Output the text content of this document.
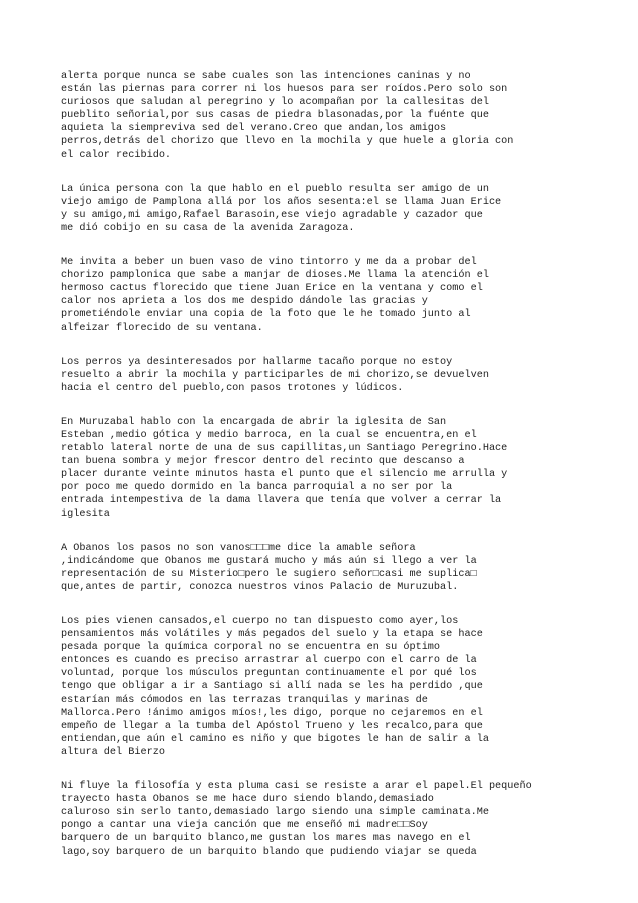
alerta porque nunca se sabe cuales son las intenciones caninas y no
están las piernas para correr ni los huesos para ser roídos.Pero solo son
curiosos que saludan al peregrino y lo acompañan por la callesitas del
pueblito señorial,por sus casas de piedra blasonadas,por la fuénte que
aquieta la siempreviva sed del verano.Creo que andan,los amigos
perros,detrás del chorizo que llevo en la mochila y que huele a gloria con
el calor recibido.
La única persona con la que hablo en el pueblo resulta ser amigo de un
viejo amigo de Pamplona allá por los años sesenta:el se llama Juan Erice
y su amigo,mi amigo,Rafael Barasoin,ese viejo agradable y cazador que
me dió cobijo en su casa de la avenida Zaragoza.
Me invita a beber un buen vaso de vino tintorro y me da a probar del
chorizo pamplonica que sabe a manjar de dioses.Me llama la atención el
hermoso cactus florecido que tiene Juan Erice en la ventana y como el
calor nos aprieta a los dos me despido dándole las gracias y
prometiéndole enviar una copia de la foto que le he tomado junto al
alfeizar florecido de su ventana.
Los perros ya desinteresados por hallarme tacaño porque no estoy
resuelto a abrir la mochila y participarles de mi chorizo,se devuelven
hacia el centro del pueblo,con pasos trotones y lúdicos.
En Muruzabal hablo con la encargada de abrir la iglesita de San
Esteban ,medio gótica y medio barroca, en la cual se encuentra,en el
retablo lateral norte de una de sus capillitas,un Santiago Peregrino.Hace
tan buena sombra y mejor frescor dentro del recinto que descanso a
placer durante veinte minutos hasta el punto que el silencio me arrulla y
por poco me quedo dormido en la banca parroquial a no ser por la
entrada intempestiva de la dama llavera que tenía que volver a cerrar la
iglesita
A Obanos los pasos no son vanos□□□me dice la amable señora
,indicándome que Obanos me gustará mucho y más aún si llego a ver la
representación de su Misterio□pero le sugiero señor□casi me suplica□
que,antes de partir, conozca nuestros vinos Palacio de Muruzubal.
Los pies vienen cansados,el cuerpo no tan dispuesto como ayer,los
pensamientos más volátiles y más pegados del suelo y la etapa se hace
pesada porque la química corporal no se encuentra en su óptimo
entonces es cuando es preciso arrastrar al cuerpo con el carro de la
voluntad, porque los músculos preguntan continuamente el por qué los
tengo que obligar a ir a Santiago si allí nada se les ha perdido ,que
estarían más cómodos en las terrazas tranquilas y marinas de
Mallorca.Pero !ánimo amigos míos!,les digo, porque no cejaremos en el
empeño de llegar a la tumba del Apóstol Trueno y les recalco,para que
entiendan,que aún el camino es niño y que bigotes le han de salir a la
altura del Bierzo
Ni fluye la filosofía y esta pluma casi se resiste a arar el papel.El pequeño
trayecto hasta Obanos se me hace duro siendo blando,demasiado
caluroso sin serlo tanto,demasiado largo siendo una simple caminata.Me
pongo a cantar una vieja canción que me enseñó mi madre□□Soy
barquero de un barquito blanco,me gustan los mares mas navego en el
lago,soy barquero de un barquito blando que pudiendo viajar se queda
